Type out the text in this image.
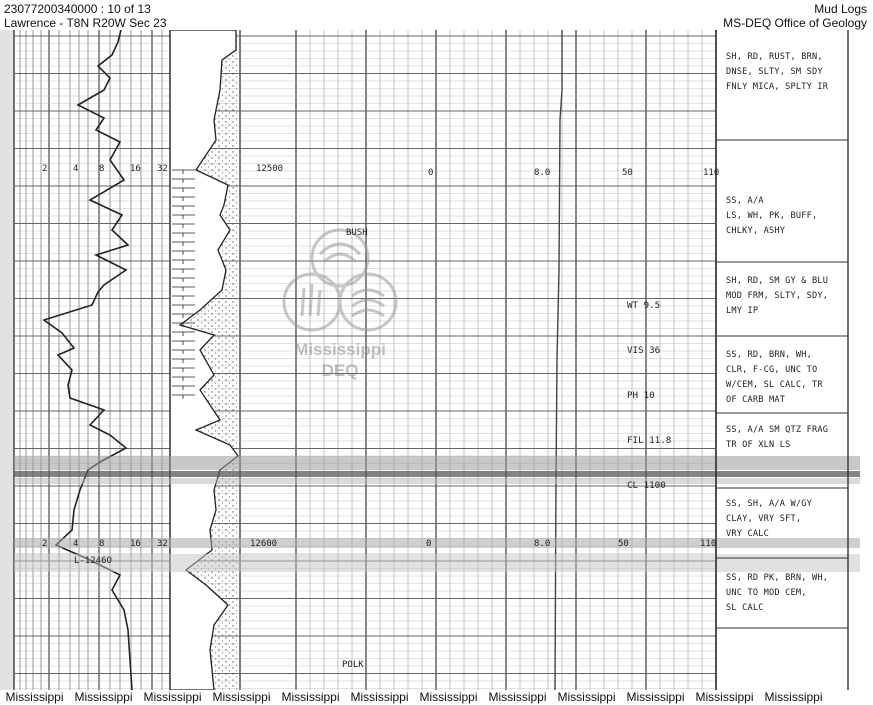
23077200340000 : 10 of 13
Lawrence - T8N R20W Sec 23
Mud Logs
MS-DEQ Office of Geology
Mississippi
DEQ
12500
12600
2	4 8	16 32	0	8.0	50	110
2	4 8	16 32	0	8.0	50	110
BUSH
POLK
L-1246O

WT 9.5

VIS 36

PH 10

FIL 11.8

CL 1100

SH, RD, RUST, BRN,
DNSE, SLTY, SM SDY
FNLY MICA, SPLTY IR
SS, A/A
LS, WH, PK, BUFF,
CHLKY, ASHY
SH, RD, SM GY & BLU
MOD FRM, SLTY, SDY,
LMY IP
SS, RD, BRN, WH,
CLR, F-CG, UNC TO
W/CEM, SL CALC, TR
OF CARB MAT
SS, A/A SM QTZ FRAG
TR OF XLN LS
SS, SH, A/A W/GY
CLAY, VRY SFT,
VRY CALC
SS, RD PK, BRN, WH,
UNC TO MOD CEM,
SL CALC
Mississippi Mississippi Mississippi Mississippi Mississippi Mississippi Mississippi Mississippi Mississippi Mississippi Mississippi Mississippi
